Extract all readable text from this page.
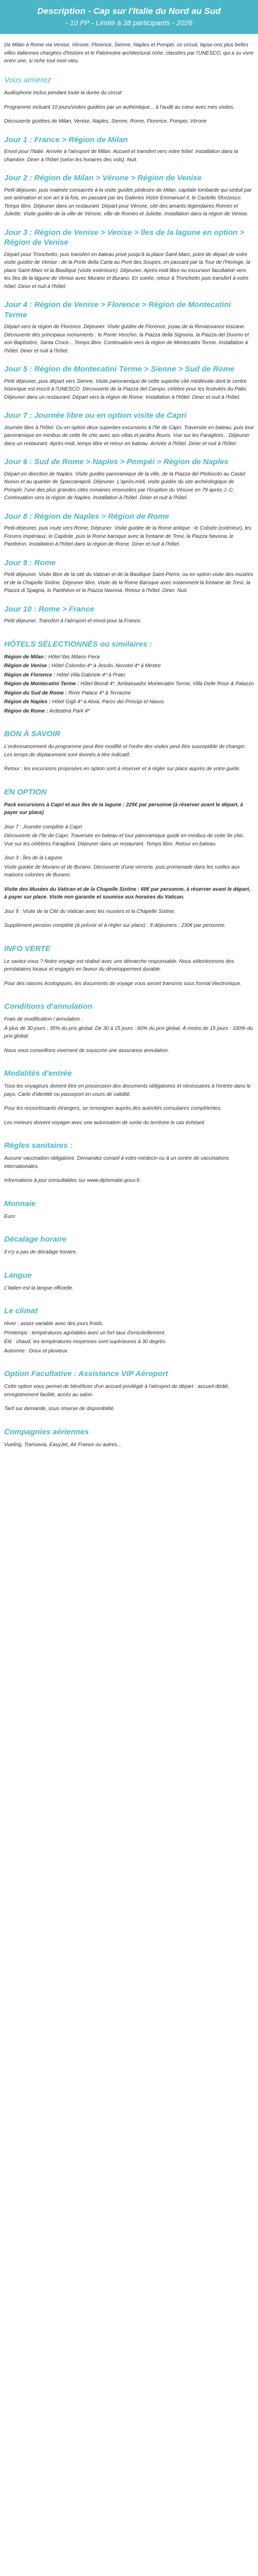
Description - Cap sur l'Italie du Nord au Sud
- 10 PP - Limité à 38 participants - 2026

De Milan à Rome via Venise, Vérone, Florence, Sienne, Naples et Pompéi, ce circuit, lapse-ons plus belles villes italiennes chargées d'histoire et le Patrimoine architectural riche, classées par l'UNESCO, qui a su vivre entre une, si riche tout mon vieu.

Vous aimerez

Audiophone inclus pendant toute la durée du circuit

Programme incluant 10 jours/visites guidées par un authentique... à l'audit au cœur avec mes visites.

Découverte guidées de Milan, Venise, Naples, Sienne, Rome, Florence, Pompei, Vérone

Jour 1 : France > Région de Milan

Envol pour l'Italie. Arrivée à l'aéroport de Milan. Accueil et transfert vers votre hôtel. Installation dans la chambre. Diner à l'hôtel (selon les horaires des vols). Nuit.

Jour 2 : Région de Milan > Vérone > Région de Venise

Petit-déjeuner, puis matinée consacrée à la visite guidée pédestre de Milan, capitale lombarde qui séduit par son animation et son art à la fois, en passant par les Galeries Victor Emmanuel II, le Castello Sforzesco. Temps libre. Déjeuner dans un restaurant. Départ pour Vérone, cité des amants légendaires Roméo et Juliette. Visite guidée de la ville de Vérone, ville de Roméo et Juliette. Installation dans la région de Venise.

Jour 3 : Région de Venise > Venise > îles de la lagune en option > Région de Venise

Départ pour Tronchetto, puis transfert en bateau privé jusqu'à la place Saint-Marc, point de départ de votre visite guidée de Venise : de la Porte della Carta au Pont des Soupirs, en passant par la Tour de l'Horloge, la place Saint-Marc et la Basilique (visite extérieure). Déjeuner. Après-midi libre ou excursion facultative vers les îles de la lagune de Venise avec Murano et Burano. En soirée, retour à Tronchetto puis transfert à votre hôtel. Diner et nuit à l'hôtel.

Jour 4 : Région de Venise > Florence > Région de Montecatini Terme

Départ vers la région de Florence. Déjeuner. Visite guidée de Florence, joyau de la Renaissance toscane. Découverte des principaux monuments : le Ponte Vecchio, la Piazza della Signoria, la Piazza del Duomo et son Baptistère, Santa Croce... Temps libre. Continuation vers la région de Montecatini Terme. Installation à l'hôtel. Diner et nuit à l'hôtel.

Jour 5 : Région de Montecatini Terme > Sienne > Sud de Rome

Petit déjeuner, puis départ vers Sienne. Visite panoramique de cette superbe cité médiévale dont le centre historique est inscrit à l'UNESCO. Découverte de la Piazza del Campo, célèbre pour les festivités du Palio. Déjeuner dans un restaurant. Départ vers la région de Rome. Installation à l'hôtel. Diner et nuit à l'hôtel.

Jour 7 : Journée libre ou en option visite de Capri

Journée libre à l'hôtel. Ou en option deux superbes excursions à l'île de Capri. Traversée en bateau, puis tour panoramique en minibus de cette île chic avec ses villas et jardins fleuris. Vue sur les Faraglioni... Déjeuner dans un restaurant. Après-midi, temps libre et retour en bateau. Arrivée à l'hôtel. Diner et nuit à l'hôtel.

Jour 6 : Sud de Rome > Naples > Pompéi > Région de Naples

Départ en direction de Naples. Visite guidée panoramique de la ville, de la Piazza del Plebiscito au Castel Nuovo et au quartier de Spaccanapoli. Déjeuner. L'après-midi, visite guidée du site archéologique de Pompéi, l'une des plus grandes cités romaines ensevelies par l'éruption du Vésuve en 79 après J.-C. Continuation vers la région de Naples. Installation à l'hôtel. Diner et nuit à l'hôtel.

Jour 8 : Région de Naples > Région de Rome

Petit-déjeuner, puis route vers Rome. Déjeuner. Visite guidée de la Rome antique : le Colisée (extérieur), les Forums Impériaux, le Capitole, puis la Rome baroque avec la fontaine de Trevi, la Piazza Navona, le Panthéon. Installation à l'hôtel dans la région de Rome. Diner et nuit à l'hôtel.

Jour 9 : Rome

Petit déjeuner. Visite libre de la cité du Vatican et de la Basilique Saint-Pierre, ou en option visite des musées et de la Chapelle Sixtine. Déjeuner libre. Visite de la Rome Baroque avec notamment la fontaine de Trevi, la Piazza di Spagna, le Panthéon et la Piazza Navona. Retour à l'hôtel. Diner. Nuit.

Jour 10 : Rome > France

Petit déjeuner. Transfert à l'aéroport et envol pour la France.

HÔTELS SÉLECTIONNÉS ou similaires :
Région de Milan : Hôtel Ibis Milano Fiera
Région de Venise : Hôtel Colombo 4* à Jesolo, Novotel 4* à Mestre
Région de Florence : Hôtel Villa Gabriele 4* à Prato
Région de Montecatini Terme : Hôtel Biondi 4*, Ambassador Montecatini Terme, Villa Delle Rose & Palazzo
Région du Sud de Rome : River Palace 4* à Terracine
Région de Naples : Hôtel Gigli 4* à Aloia, Parco dei Principi et Naxos
Région de Rome : Ardeatina Park 4*
BON À SAVOIR

L'ordonnancement du programme peut être modifié et l'ordre des visites peut être susceptible de changer. Les temps de déplacement sont donnés à titre indicatif.

Retour : les excursions proposées en option sont à réserver et à régler sur place auprès de votre guide.

EN OPTION

Pack excursions à Capri et aux îles de la lagune : 225€ par personne (à réserver avant le départ, à payer sur place)

Jour 7 : Journée complète à Capri

Découverte de l'île de Capri. Traversée en bateau et tour panoramique guidé en minibus de cette île chic. Vue sur les célèbres Faraglioni. Déjeuner dans un restaurant. Temps libre. Retour en bateau.

Jour 3 : Îles de la Lagune

Visite guidée de Murano et de Burano. Découverte d'une verrerie, puis promenade dans les ruelles aux maisons colorées de Burano.

Visite des Musées du Vatican et de la Chapelle Sixtine : 60€ par personne, à réserver avant le départ, à payer sur place. Visite non garantie et soumise aux horaires du Vatican.

Jour 9 : Visite de la Cité du Vatican avec les musées et la Chapelle Sixtine.

Supplément pension complète (à prévoir et à régler sur place) : 8 déjeuners : 230€ par personne.

INFO VERTE

Le saviez-vous ? Notre voyage est réalisé avec une démarche responsable. Nous sélectionnons des prestataires locaux et engagés en faveur du développement durable.

Pour des raisons écologiques, les documents de voyage vous seront transmis sous format électronique.

Conditions d'annulation

Frais de modification / annulation :

À plus de 30 jours : 35% du prix global. De 30 à 15 jours : 60% du prix global. À moins de 15 jours : 100% du prix global.

Nous vous conseillons vivement de souscrire une assurance annulation.

Modalités d'entrée

Tous les voyageurs doivent être en possession des documents obligatoires et nécessaires à l'entrée dans le pays. Carte d'identité ou passeport en cours de validité.

Pour les ressortissants étrangers, se renseigner auprès des autorités consulaires compétentes.

Les mineurs doivent voyager avec une autorisation de sortie du territoire le cas échéant.

Règles sanitaires :

Aucune vaccination obligatoire. Demandez conseil à votre médecin ou à un centre de vaccinations internationales.

Informations à jour consultables sur www.diplomatie.gouv.fr.

Monnaie

Euro

Décalage horaire

Il n'y a pas de décalage horaire.

Langue

L'italien est la langue officielle.

Le climat

Hiver : assez variable avec des jours froids.

Printemps : températures agréables avec un fort taux d'ensoleillement.

Été : chaud, les températures moyennes sont supérieures à 30 degrés.

Automne : Doux et pluvieux.

Option Facultative : Assistance VIP Aéroport

Cette option vous permet de bénéficier d'un accueil privilégié à l'aéroport de départ : accueil dédié, enregistrement facilité, accès au salon.

Tarif sur demande, sous réserve de disponibilité.

Compagnies aériennes

Vueling, Transavia, EasyJet, Air France ou autres...
